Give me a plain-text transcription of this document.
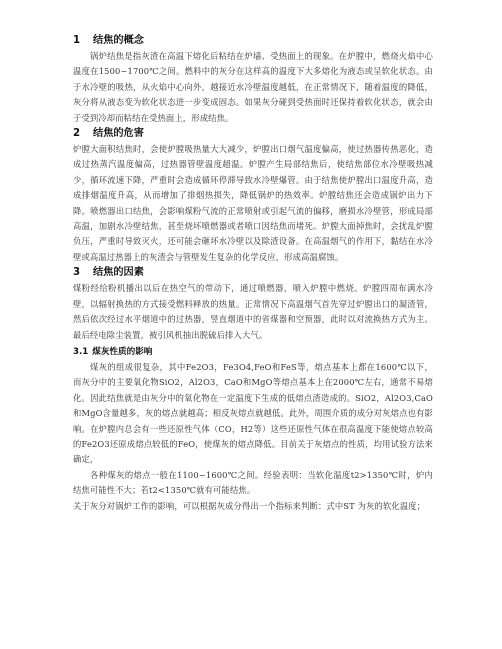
1 结焦的概念

锅炉结焦是指灰渣在高温下熔化后粘结在炉墙、受热面上的现象。在炉膛中，燃烧火焰中心温度在1500~1700℃之间。燃料中的灰分在这样高的温度下大多熔化为液态或呈软化状态。由于水冷壁的吸热，从火焰中心向外，越接近水冷壁温度越低，在正常情况下，随着温度的降低，灰分将从液态变为软化状态进一步变成固态。如果灰分碰到受热面时还保持着软化状态，就会由于受到冷却而粘结在受热面上，形成结焦。

2 结焦的危害

炉膛大面积结焦时，会使炉膛吸热量大大减少，炉膛出口烟气温度偏高，使过热器传热恶化，造成过热蒸汽温度偏高，过热器管壁温度超温。炉膛产生局部结焦后，使结焦部位水冷壁吸热减少，循环流速下降，严重时会造成循环停滞导致水冷壁爆管。由于结焦使炉膛出口温度升高，造成排烟温度升高，从而增加了排烟热损失，降低锅炉的热效率。炉膛结焦还会造成锅炉出力下降。喷燃器出口结焦，会影响煤粉气流的正常喷射或引起气流的偏移，磨损水冷壁管，形成局部高温，加剧水冷壁结焦，甚至烧坏喷燃器或者喷口因结焦而堵死。炉膛大面掉焦时，会扰乱炉膛负压，严重时导致灭火，还可能会砸坏水冷壁以及除渣设备。在高温烟气的作用下，黏结在水冷壁或高温过热器上的灰渣会与管壁发生复杂的化学反应，形成高温腐蚀。

3 结焦的因素

煤粉经给粉机播出以后在热空气的带动下，通过喷燃器，喷入炉膛中燃烧。炉膛四周布满水冷壁，以辐射换热的方式接受燃料释放的热量。正常情况下高温烟气首先穿过炉膛出口的凝渣管，然后依次经过水平烟道中的过热器，竖直烟道中的省煤器和空预器，此时以对流换热方式为主。最后经电除尘装置，被引风机抽出脱硫后排入大气。

3.1 煤灰性质的影响

煤灰的组成很复杂，其中Fe2O3，Fe3O4,FeO和FeS等，熔点基本上都在1600℃以下，而灰分中的主要氧化物SiO2，Al2O3，CaO和MgO等熔点基本上在2000℃左右，通常不易熔化。因此结焦就是由灰分中的氧化物在一定温度下生成的低熔点渣造成的。SiO2，Al2O3,CaO和MgO含量越多，灰的熔点就越高；相反灰熔点就越低。此外，周围介质的成分对灰熔点也有影响。在炉膛内总会有一些还原性气体（CO，H2等）这些还原性气体在很高温度下能使熔点较高的Fe2O3还原成熔点较低的FeO，使煤灰的熔点降低。目前关于灰熔点的性质，均用试验方法来确定，

各种煤灰的熔点一般在1100~1600℃之间。经验表明：当软化温度t2>1350℃时，炉内结焦可能性不大；若t2<1350℃就有可能结焦。

关于灰分对锅炉工作的影响，可以根据灰成分得出一个指标来判断：式中ST 为灰的软化温度；
